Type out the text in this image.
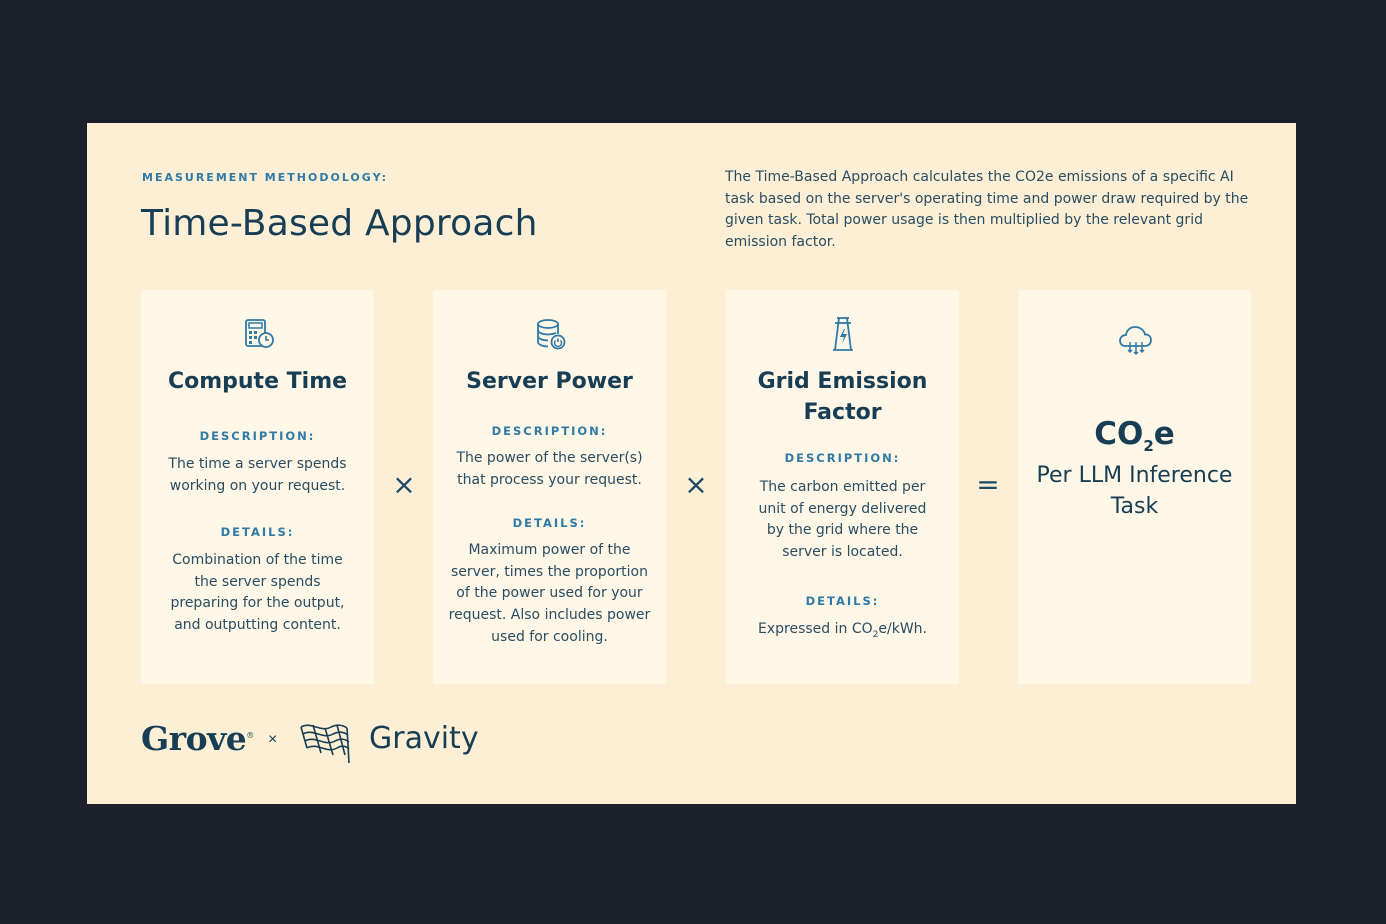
MEASUREMENT METHODOLOGY:
Time-Based Approach
The Time-Based Approach calculates the CO2e emissions of a specific AI task based on the server's operating time and power draw required by the given task. Total power usage is then multiplied by the relevant grid emission factor.
Compute Time
DESCRIPTION:
The time a server spends working on your request.
DETAILS:
Combination of the time the server spends preparing for the output, and outputting content.
×
Server Power
DESCRIPTION:
The power of the server(s) that process your request.
DETAILS:
Maximum power of the server, times the proportion of the power used for your request. Also includes power used for cooling.
×
Grid Emission Factor
DESCRIPTION:
The carbon emitted per unit of energy delivered by the grid where the server is located.
DETAILS:
Expressed in $CO_2e$/kWh.
=
$CO_2e$
Per LLM Inference Task
Grove® ×	Gravity
